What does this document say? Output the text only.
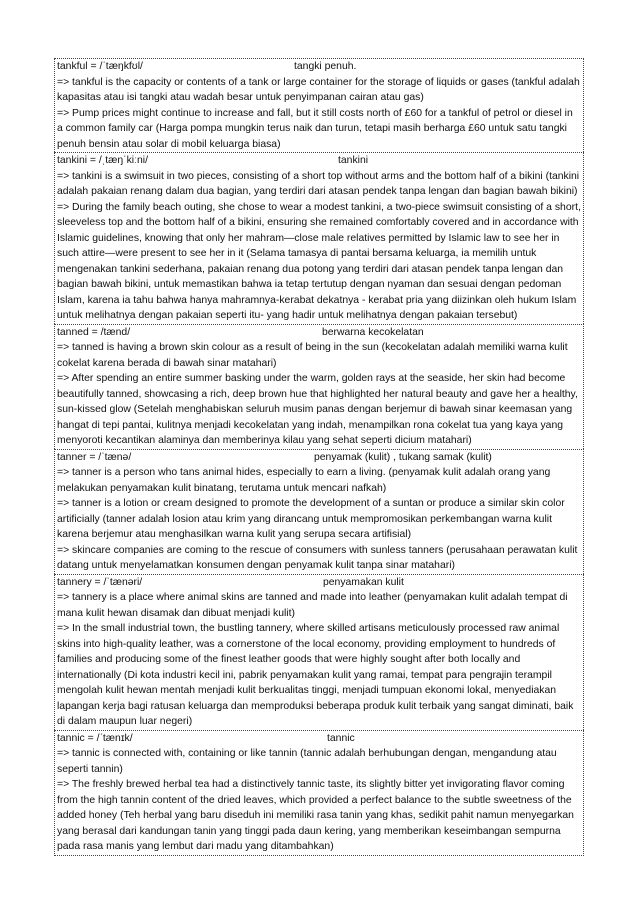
tankful = /ˈtæŋkfʊl/	tangki penuh.

=> tankful is the capacity or contents of a tank or large container for the storage of liquids or gases (tankful adalah kapasitas atau isi tangki atau wadah besar untuk penyimpanan cairan atau gas)

=> Pump prices might continue to increase and fall, but it still costs north of £60 for a tankful of petrol or diesel in a common family car (Harga pompa mungkin terus naik dan turun, tetapi masih berharga £60 untuk satu tangki penuh bensin atau solar di mobil keluarga biasa)

tankini = /ˌtæŋˈkiːni/	tankini

=> tankini is a swimsuit in two pieces, consisting of a short top without arms and the bottom half of a bikini (tankini adalah pakaian renang dalam dua bagian, yang terdiri dari atasan pendek tanpa lengan dan bagian bawah bikini)

=> During the family beach outing, she chose to wear a modest tankini, a two-piece swimsuit consisting of a short, sleeveless top and the bottom half of a bikini, ensuring she remained comfortably covered and in accordance with Islamic guidelines, knowing that only her mahram—close male relatives permitted by Islamic law to see her in such attire—were present to see her in it (Selama tamasya di pantai bersama keluarga, ia memilih untuk mengenakan tankini sederhana, pakaian renang dua potong yang terdiri dari atasan pendek tanpa lengan dan bagian bawah bikini, untuk memastikan bahwa ia tetap tertutup dengan nyaman dan sesuai dengan pedoman Islam, karena ia tahu bahwa hanya mahramnya-kerabat dekatnya - kerabat pria yang diizinkan oleh hukum Islam untuk melihatnya dengan pakaian seperti itu- yang hadir untuk melihatnya dengan pakaian tersebut)

tanned = /tænd/	berwarna kecokelatan

=> tanned is having a brown skin colour as a result of being in the sun (kecokelatan adalah memiliki warna kulit cokelat karena berada di bawah sinar matahari)

=> After spending an entire summer basking under the warm, golden rays at the seaside, her skin had become beautifully tanned, showcasing a rich, deep brown hue that highlighted her natural beauty and gave her a healthy, sun-kissed glow (Setelah menghabiskan seluruh musim panas dengan berjemur di bawah sinar keemasan yang hangat di tepi pantai, kulitnya menjadi kecokelatan yang indah, menampilkan rona cokelat tua yang kaya yang menyoroti kecantikan alaminya dan memberinya kilau yang sehat seperti dicium matahari)

tanner = /ˈtænə/	penyamak (kulit) , tukang samak (kulit)

=> tanner is a person who tans animal hides, especially to earn a living. (penyamak kulit adalah orang yang melakukan penyamakan kulit binatang, terutama untuk mencari nafkah)

=> tanner is a lotion or cream designed to promote the development of a suntan or produce a similar skin color artificially (tanner adalah losion atau krim yang dirancang untuk mempromosikan perkembangan warna kulit karena berjemur atau menghasilkan warna kulit yang serupa secara artifisial)

=> skincare companies are coming to the rescue of consumers with sunless tanners (perusahaan perawatan kulit datang untuk menyelamatkan konsumen dengan penyamak kulit tanpa sinar matahari)

tannery = /ˈtænəri/	penyamakan kulit

=> tannery is a place where animal skins are tanned and made into leather (penyamakan kulit adalah tempat di mana kulit hewan disamak dan dibuat menjadi kulit)

=> In the small industrial town, the bustling tannery, where skilled artisans meticulously processed raw animal skins into high-quality leather, was a cornerstone of the local economy, providing employment to hundreds of families and producing some of the finest leather goods that were highly sought after both locally and internationally (Di kota industri kecil ini, pabrik penyamakan kulit yang ramai, tempat para pengrajin terampil mengolah kulit hewan mentah menjadi kulit berkualitas tinggi, menjadi tumpuan ekonomi lokal, menyediakan lapangan kerja bagi ratusan keluarga dan memproduksi beberapa produk kulit terbaik yang sangat diminati, baik di dalam maupun luar negeri)

tannic = /ˈtænɪk/	tannic

=> tannic is connected with, containing or like tannin (tannic adalah berhubungan dengan, mengandung atau seperti tannin)

=> The freshly brewed herbal tea had a distinctively tannic taste, its slightly bitter yet invigorating flavor coming from the high tannin content of the dried leaves, which provided a perfect balance to the subtle sweetness of the added honey (Teh herbal yang baru diseduh ini memiliki rasa tanin yang khas, sedikit pahit namun menyegarkan yang berasal dari kandungan tanin yang tinggi pada daun kering, yang memberikan keseimbangan sempurna pada rasa manis yang lembut dari madu yang ditambahkan)
